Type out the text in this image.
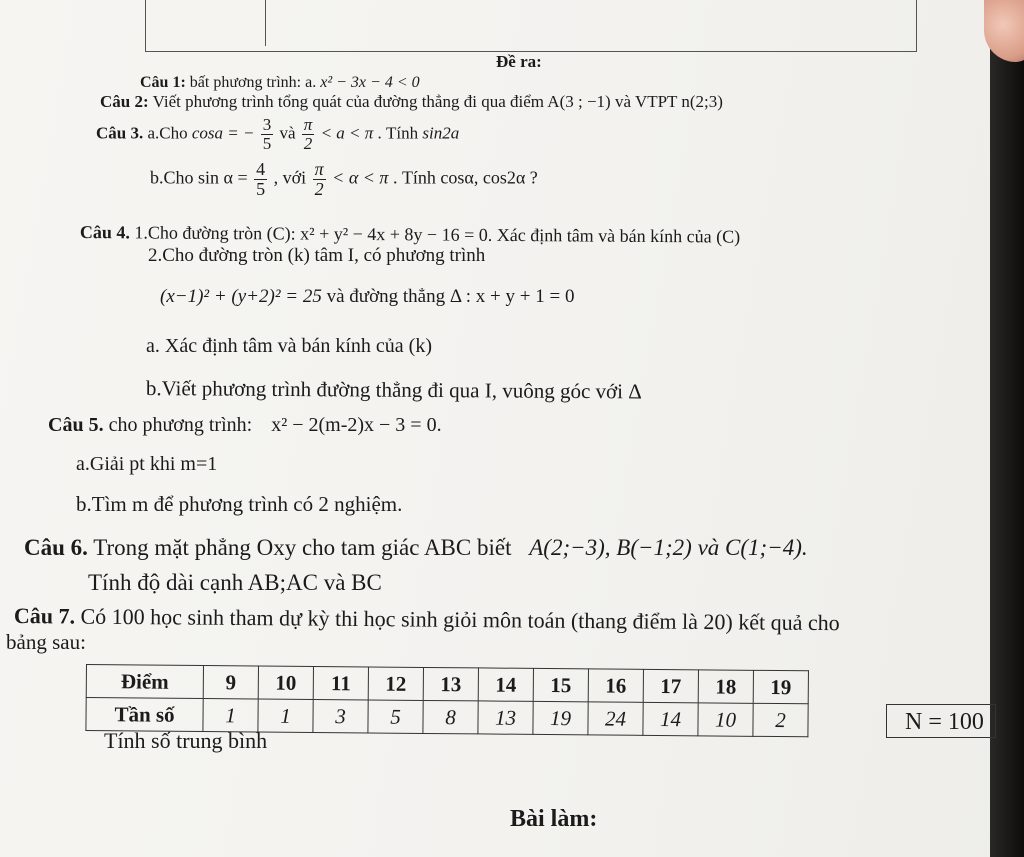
Đề ra:
Câu 1: bất phương trình: a. x² − 3x − 4 < 0
Câu 2: Viết phương trình tổng quát của đường thẳng đi qua điểm A(3 ; −1) và VTPT n(2;3)
Câu 3. a.Cho cosa = − $\frac{3}{5}$ và $\frac{\pi}{2} < a < \pi$ . Tính sin2a
b.Cho $\sin \alpha = \frac{4}{5}$ , với $\frac{\pi}{2} < \alpha < \pi$ . Tính cosα, cos2α ?
Câu 4. 1.Cho đường tròn (C): x² + y² − 4x + 8y − 16 = 0. Xác định tâm và bán kính của (C)
2.Cho đường tròn (k) tâm I, có phương trình
(x−1)² + (y+2)² = 25 và đường thẳng Δ : x + y + 1 = 0
a. Xác định tâm và bán kính của (k)
b.Viết phương trình đường thẳng đi qua I, vuông góc với Δ
Câu 5. cho phương trình: x² − 2(m-2)x − 3 = 0.
a.Giải pt khi m=1
b.Tìm m để phương trình có 2 nghiệm.
Câu 6. Trong mặt phẳng Oxy cho tam giác ABC biết A(2;−3), B(−1;2) và C(1;−4).
Tính độ dài cạnh AB;AC và BC
Câu 7. Có 100 học sinh tham dự kỳ thi học sinh giỏi môn toán (thang điểm là 20) kết quả cho
bảng sau:
Điểm	9	10	11	12	13	14	15	16	17	18	19
Tần số	1	1	3	5	8	13	19	24	14	10	2	N = 100
Tính số trung bình
Bài làm:
